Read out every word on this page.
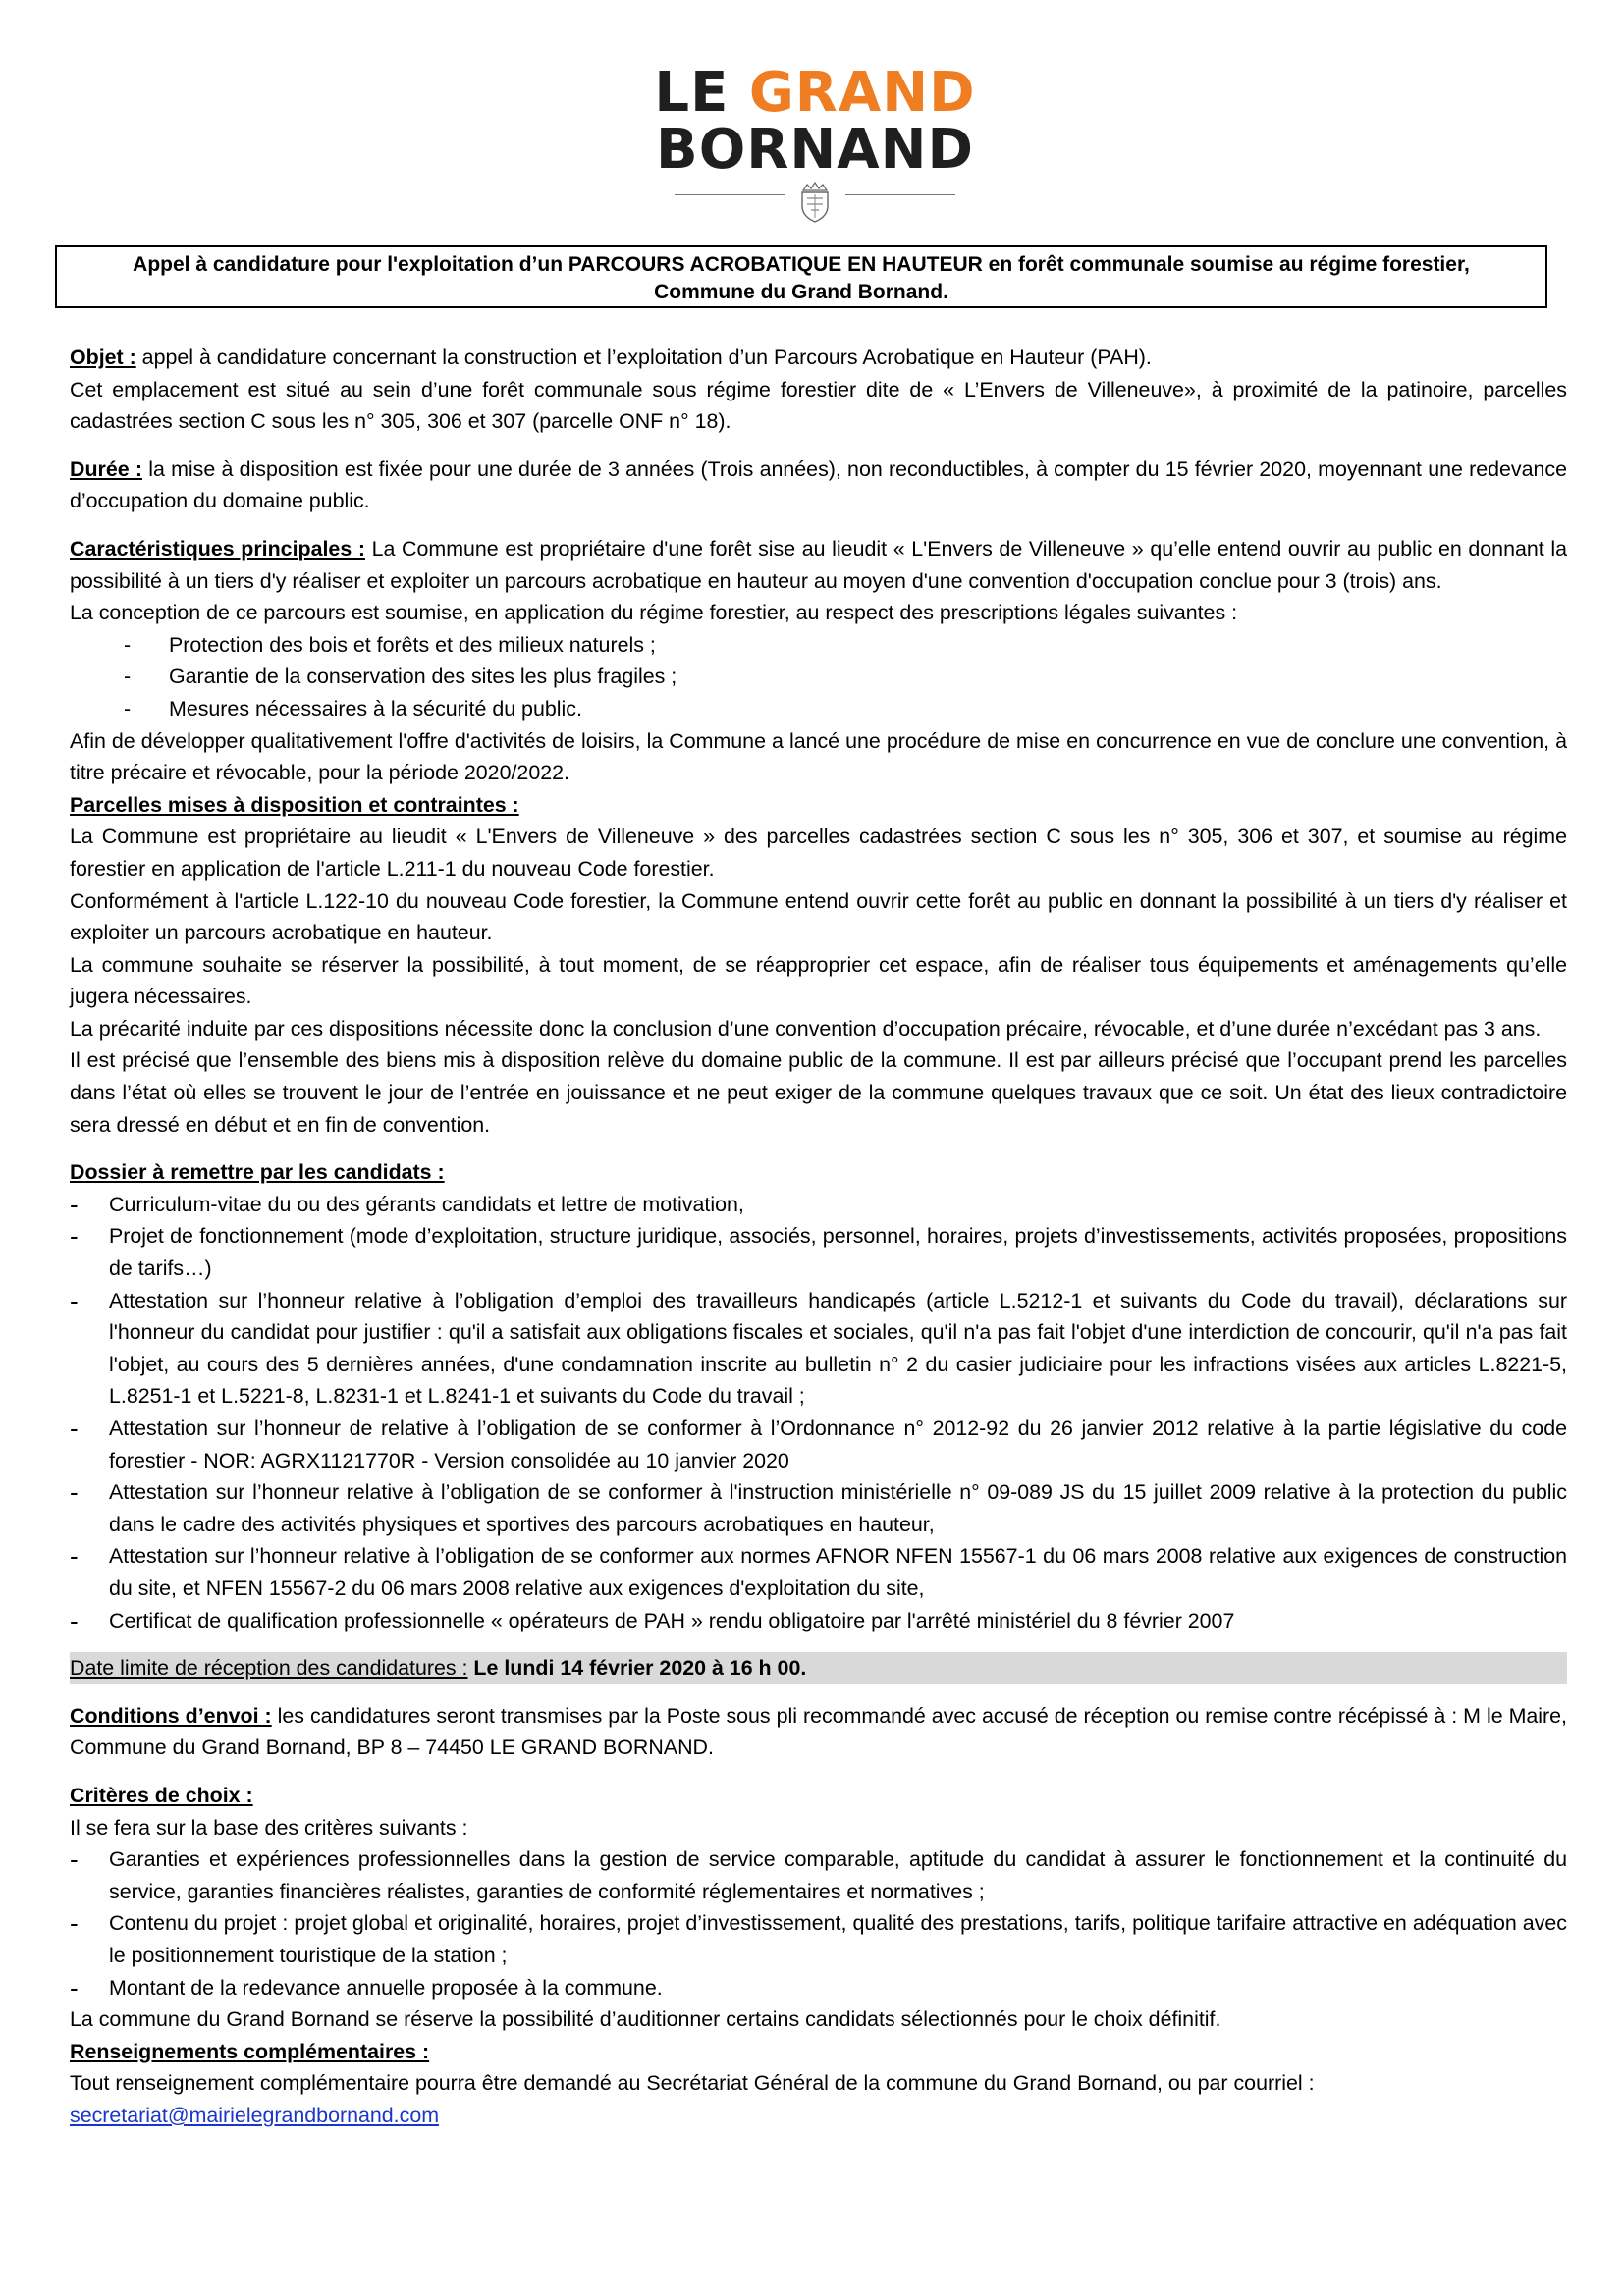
LE GRAND
BORNAND
Appel à candidature pour l'exploitation d’un PARCOURS ACROBATIQUE EN HAUTEUR en forêt communale soumise au régime forestier,
Commune du Grand Bornand.

Objet : appel à candidature concernant la construction et l’exploitation d’un Parcours Acrobatique en Hauteur (PAH).

Cet emplacement est situé au sein d’une forêt communale sous régime forestier dite de « L’Envers de Villeneuve», à proximité de la patinoire, parcelles cadastrées section C sous les n° 305, 306 et 307 (parcelle ONF n° 18).

Durée : la mise à disposition est fixée pour une durée de 3 années (Trois années), non reconductibles, à compter du 15 février 2020, moyennant une redevance d’occupation du domaine public.

Caractéristiques principales : La Commune est propriétaire d'une forêt sise au lieudit « L'Envers de Villeneuve » qu’elle entend ouvrir au public en donnant la possibilité à un tiers d'y réaliser et exploiter un parcours acrobatique en hauteur au moyen d'une convention d'occupation conclue pour 3 (trois) ans.

La conception de ce parcours est soumise, en application du régime forestier, au respect des prescriptions légales suivantes :

- Protection des bois et forêts et des milieux naturels ;
- Garantie de la conservation des sites les plus fragiles ;
- Mesures nécessaires à la sécurité du public.

Afin de développer qualitativement l'offre d'activités de loisirs, la Commune a lancé une procédure de mise en concurrence en vue de conclure une convention, à titre précaire et révocable, pour la période 2020/2022.

Parcelles mises à disposition et contraintes :

La Commune est propriétaire au lieudit « L'Envers de Villeneuve » des parcelles cadastrées section C sous les n° 305, 306 et 307, et soumise au régime forestier en application de l'article L.211-1 du nouveau Code forestier.

Conformément à l'article L.122-10 du nouveau Code forestier, la Commune entend ouvrir cette forêt au public en donnant la possibilité à un tiers d'y réaliser et exploiter un parcours acrobatique en hauteur.

La commune souhaite se réserver la possibilité, à tout moment, de se réapproprier cet espace, afin de réaliser tous équipements et aménagements qu’elle jugera nécessaires.

La précarité induite par ces dispositions nécessite donc la conclusion d’une convention d’occupation précaire, révocable, et d’une durée n’excédant pas 3 ans.

Il est précisé que l’ensemble des biens mis à disposition relève du domaine public de la commune. Il est par ailleurs précisé que l’occupant prend les parcelles dans l’état où elles se trouvent le jour de l’entrée en jouissance et ne peut exiger de la commune quelques travaux que ce soit. Un état des lieux contradictoire sera dressé en début et en fin de convention.

Dossier à remettre par les candidats :

- Curriculum-vitae du ou des gérants candidats et lettre de motivation,
- Projet de fonctionnement (mode d’exploitation, structure juridique, associés, personnel, horaires, projets d’investissements, activités proposées, propositions de tarifs…)
- Attestation sur l’honneur relative à l’obligation d’emploi des travailleurs handicapés (article L.5212-1 et suivants du Code du travail), déclarations sur l'honneur du candidat pour justifier : qu'il a satisfait aux obligations fiscales et sociales, qu'il n'a pas fait l'objet d'une interdiction de concourir, qu'il n'a pas fait l'objet, au cours des 5 dernières années, d'une condamnation inscrite au bulletin n° 2 du casier judiciaire pour les infractions visées aux articles L.8221-5, L.8251-1 et L.5221-8, L.8231-1 et L.8241-1 et suivants du Code du travail ;
- Attestation sur l’honneur de relative à l’obligation de se conformer à l’Ordonnance n° 2012-92 du 26 janvier 2012 relative à la partie législative du code forestier - NOR: AGRX1121770R - Version consolidée au 10 janvier 2020
- Attestation sur l’honneur relative à l’obligation de se conformer à l'instruction ministérielle n° 09-089 JS du 15 juillet 2009 relative à la protection du public dans le cadre des activités physiques et sportives des parcours acrobatiques en hauteur,
- Attestation sur l’honneur relative à l’obligation de se conformer aux normes AFNOR NFEN 15567-1 du 06 mars 2008 relative aux exigences de construction du site, et NFEN 15567-2 du 06 mars 2008 relative aux exigences d'exploitation du site,
- Certificat de qualification professionnelle « opérateurs de PAH » rendu obligatoire par l'arrêté ministériel du 8 février 2007

Date limite de réception des candidatures : Le lundi 14 février 2020 à 16 h 00.

Conditions d’envoi : les candidatures seront transmises par la Poste sous pli recommandé avec accusé de réception ou remise contre récépissé à : M le Maire, Commune du Grand Bornand, BP 8 – 74450 LE GRAND BORNAND.

Critères de choix :

Il se fera sur la base des critères suivants :

- Garanties et expériences professionnelles dans la gestion de service comparable, aptitude du candidat à assurer le fonctionnement et la continuité du service, garanties financières réalistes, garanties de conformité réglementaires et normatives ;
- Contenu du projet : projet global et originalité, horaires, projet d’investissement, qualité des prestations, tarifs, politique tarifaire attractive en adéquation avec le positionnement touristique de la station ;
- Montant de la redevance annuelle proposée à la commune.

La commune du Grand Bornand se réserve la possibilité d’auditionner certains candidats sélectionnés pour le choix définitif.

Renseignements complémentaires :

Tout renseignement complémentaire pourra être demandé au Secrétariat Général de la commune du Grand Bornand, ou par courriel :

secretariat@mairielegrandbornand.com
